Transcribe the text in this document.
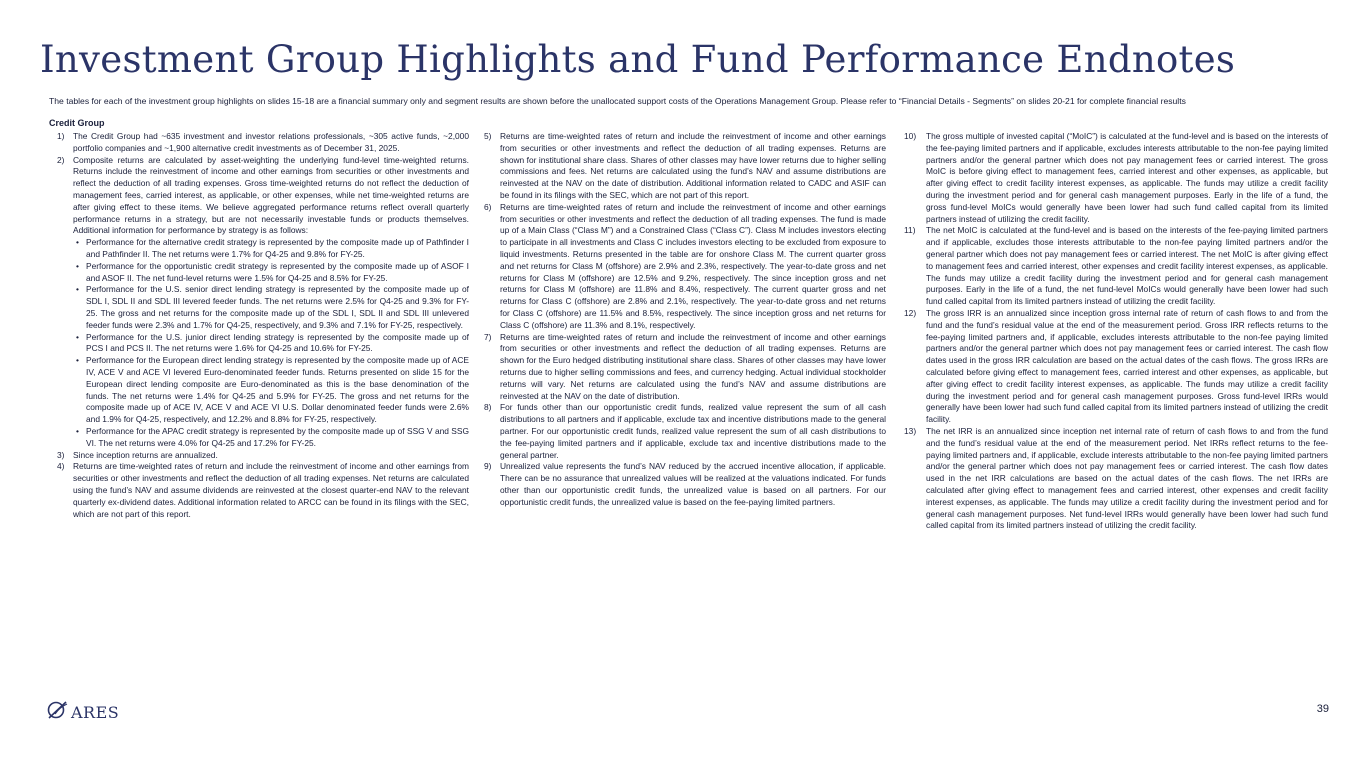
Investment Group Highlights and Fund Performance Endnotes
The tables for each of the investment group highlights on slides 15-18 are a financial summary only and segment results are shown before the unallocated support costs of the Operations Management Group. Please refer to “Financial Details - Segments” on slides 20-21 for complete financial results
Credit Group
1)	The Credit Group had ~635 investment and investor relations professionals, ~305 active funds, ~2,000 portfolio companies and ~1,900 alternative credit investments as of December 31, 2025.
2)	Composite returns are calculated by asset-weighting the underlying fund-level time-weighted returns. Returns include the reinvestment of income and other earnings from securities or other investments and reflect the deduction of all trading expenses. Gross time-weighted returns do not reflect the deduction of management fees, carried interest, as applicable, or other expenses, while net time-weighted returns are after giving effect to these items. We believe aggregated performance returns reflect overall quarterly performance returns in a strategy, but are not necessarily investable funds or products themselves. Additional information for performance by strategy is as follows:
• Performance for the alternative credit strategy is represented by the composite made up of Pathfinder I and Pathfinder II. The net returns were 1.7% for Q4-25 and 9.8% for FY-25.
• Performance for the opportunistic credit strategy is represented by the composite made up of ASOF I and ASOF II. The net fund-level returns were 1.5% for Q4-25 and 8.5% for FY-25.
• Performance for the U.S. senior direct lending strategy is represented by the composite made up of SDL I, SDL II and SDL III levered feeder funds. The net returns were 2.5% for Q4-25 and 9.3% for FY-25. The gross and net returns for the composite made up of the SDL I, SDL II and SDL III unlevered feeder funds were 2.3% and 1.7% for Q4-25, respectively, and 9.3% and 7.1% for FY-25, respectively.
• Performance for the U.S. junior direct lending strategy is represented by the composite made up of PCS I and PCS II. The net returns were 1.6% for Q4-25 and 10.6% for FY-25.
• Performance for the European direct lending strategy is represented by the composite made up of ACE IV, ACE V and ACE VI levered Euro-denominated feeder funds. Returns presented on slide 15 for the European direct lending composite are Euro-denominated as this is the base denomination of the funds. The net returns were 1.4% for Q4-25 and 5.9% for FY-25. The gross and net returns for the composite made up of ACE IV, ACE V and ACE VI U.S. Dollar denominated feeder funds were 2.6% and 1.9% for Q4-25, respectively, and 12.2% and 8.8% for FY-25, respectively.
• Performance for the APAC credit strategy is represented by the composite made up of SSG V and SSG VI. The net returns were 4.0% for Q4-25 and 17.2% for FY-25.
3)	Since inception returns are annualized.
4)	Returns are time-weighted rates of return and include the reinvestment of income and other earnings from securities or other investments and reflect the deduction of all trading expenses. Net returns are calculated using the fund’s NAV and assume dividends are reinvested at the closest quarter-end NAV to the relevant quarterly ex-dividend dates. Additional information related to ARCC can be found in its filings with the SEC, which are not part of this report.
5)	Returns are time-weighted rates of return and include the reinvestment of income and other earnings from securities or other investments and reflect the deduction of all trading expenses. Returns are shown for institutional share class. Shares of other classes may have lower returns due to higher selling commissions and fees. Net returns are calculated using the fund’s NAV and assume distributions are reinvested at the NAV on the date of distribution. Additional information related to CADC and ASIF can be found in its filings with the SEC, which are not part of this report.
6)	Returns are time-weighted rates of return and include the reinvestment of income and other earnings from securities or other investments and reflect the deduction of all trading expenses. The fund is made up of a Main Class (“Class M”) and a Constrained Class (“Class C”). Class M includes investors electing to participate in all investments and Class C includes investors electing to be excluded from exposure to liquid investments. Returns presented in the table are for onshore Class M. The current quarter gross and net returns for Class M (offshore) are 2.9% and 2.3%, respectively. The year-to-date gross and net returns for Class M (offshore) are 12.5% and 9.2%, respectively. The since inception gross and net returns for Class M (offshore) are 11.8% and 8.4%, respectively. The current quarter gross and net returns for Class C (offshore) are 2.8% and 2.1%, respectively. The year-to-date gross and net returns for Class C (offshore) are 11.5% and 8.5%, respectively. The since inception gross and net returns for Class C (offshore) are 11.3% and 8.1%, respectively.
7)	Returns are time-weighted rates of return and include the reinvestment of income and other earnings from securities or other investments and reflect the deduction of all trading expenses. Returns are shown for the Euro hedged distributing institutional share class. Shares of other classes may have lower returns due to higher selling commissions and fees, and currency hedging. Actual individual stockholder returns will vary. Net returns are calculated using the fund’s NAV and assume distributions are reinvested at the NAV on the date of distribution.
8)	For funds other than our opportunistic credit funds, realized value represent the sum of all cash distributions to all partners and if applicable, exclude tax and incentive distributions made to the general partner. For our opportunistic credit funds, realized value represent the sum of all cash distributions to the fee-paying limited partners and if applicable, exclude tax and incentive distributions made to the general partner.
9)	Unrealized value represents the fund’s NAV reduced by the accrued incentive allocation, if applicable. There can be no assurance that unrealized values will be realized at the valuations indicated. For funds other than our opportunistic credit funds, the unrealized value is based on all partners. For our opportunistic credit funds, the unrealized value is based on the fee-paying limited partners.
10)	The gross multiple of invested capital (“MoIC”) is calculated at the fund-level and is based on the interests of the fee-paying limited partners and if applicable, excludes interests attributable to the non-fee paying limited partners and/or the general partner which does not pay management fees or carried interest. The gross MoIC is before giving effect to management fees, carried interest and other expenses, as applicable, but after giving effect to credit facility interest expenses, as applicable. The funds may utilize a credit facility during the investment period and for general cash management purposes. Early in the life of a fund, the gross fund-level MoICs would generally have been lower had such fund called capital from its limited partners instead of utilizing the credit facility.
11)	The net MoIC is calculated at the fund-level and is based on the interests of the fee-paying limited partners and if applicable, excludes those interests attributable to the non-fee paying limited partners and/or the general partner which does not pay management fees or carried interest. The net MoIC is after giving effect to management fees and carried interest, other expenses and credit facility interest expenses, as applicable. The funds may utilize a credit facility during the investment period and for general cash management purposes. Early in the life of a fund, the net fund-level MoICs would generally have been lower had such fund called capital from its limited partners instead of utilizing the credit facility.
12)	The gross IRR is an annualized since inception gross internal rate of return of cash flows to and from the fund and the fund’s residual value at the end of the measurement period. Gross IRR reflects returns to the fee-paying limited partners and, if applicable, excludes interests attributable to the non-fee paying limited partners and/or the general partner which does not pay management fees or carried interest. The cash flow dates used in the gross IRR calculation are based on the actual dates of the cash flows. The gross IRRs are calculated before giving effect to management fees, carried interest and other expenses, as applicable, but after giving effect to credit facility interest expenses, as applicable. The funds may utilize a credit facility during the investment period and for general cash management purposes. Gross fund-level IRRs would generally have been lower had such fund called capital from its limited partners instead of utilizing the credit facility.
13)	The net IRR is an annualized since inception net internal rate of return of cash flows to and from the fund and the fund’s residual value at the end of the measurement period. Net IRRs reflect returns to the fee-paying limited partners and, if applicable, exclude interests attributable to the non-fee paying limited partners and/or the general partner which does not pay management fees or carried interest. The cash flow dates used in the net IRR calculations are based on the actual dates of the cash flows. The net IRRs are calculated after giving effect to management fees and carried interest, other expenses and credit facility interest expenses, as applicable. The funds may utilize a credit facility during the investment period and for general cash management purposes. Net fund-level IRRs would generally have been lower had such fund called capital from its limited partners instead of utilizing the credit facility.
ARES	39
